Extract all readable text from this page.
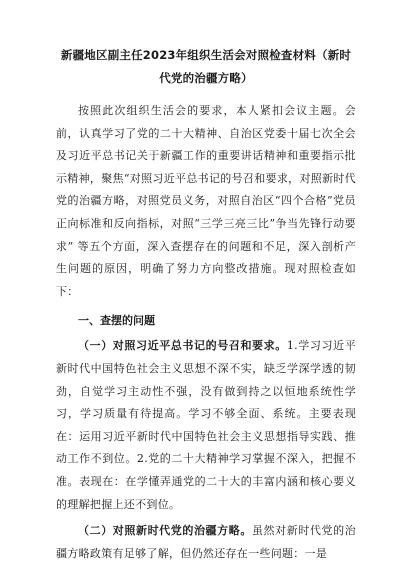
新疆地区副主任2023年组织生活会对照检查材料（新时代党的治疆方略）

按照此次组织生活会的要求，本人紧扣会议主题。会前，认真学习了党的二十大精神、自治区党委十届七次全会及习近平总书记关于新疆工作的重要讲话精神和重要指示批示精神，聚焦“对照习近平总书记的号召和要求，对照新时代党的治疆方略，对照党员义务，对照自治区“四个合格”党员正向标准和反向指标，对照“三学三亮三比”争当先锋行动要求” 等五个方面，深入查摆存在的问题和不足，深入剖析产生问题的原因，明确了努力方向整改措施。现对照检查如下：

一、查摆的问题

（一）对照习近平总书记的号召和要求。1.学习习近平新时代中国特色社会主义思想不深不实，缺乏学深学透的韧劲，自觉学习主动性不强，没有做到持之以恒地系统性学习，学习质量有待提高。学习不够全面、系统。主要表现在：运用习近平新时代中国特色社会主义思想指导实践、推动工作不到位。2.党的二十大精神学习掌握不深入，把握不准。表现在：在学懂弄通党的二十大的丰富内涵和核心要义的理解把握上还不到位。

（二）对照新时代党的治疆方略。虽然对新时代党的治疆方略政策有足够了解，但仍然还存在一些问题：一是
